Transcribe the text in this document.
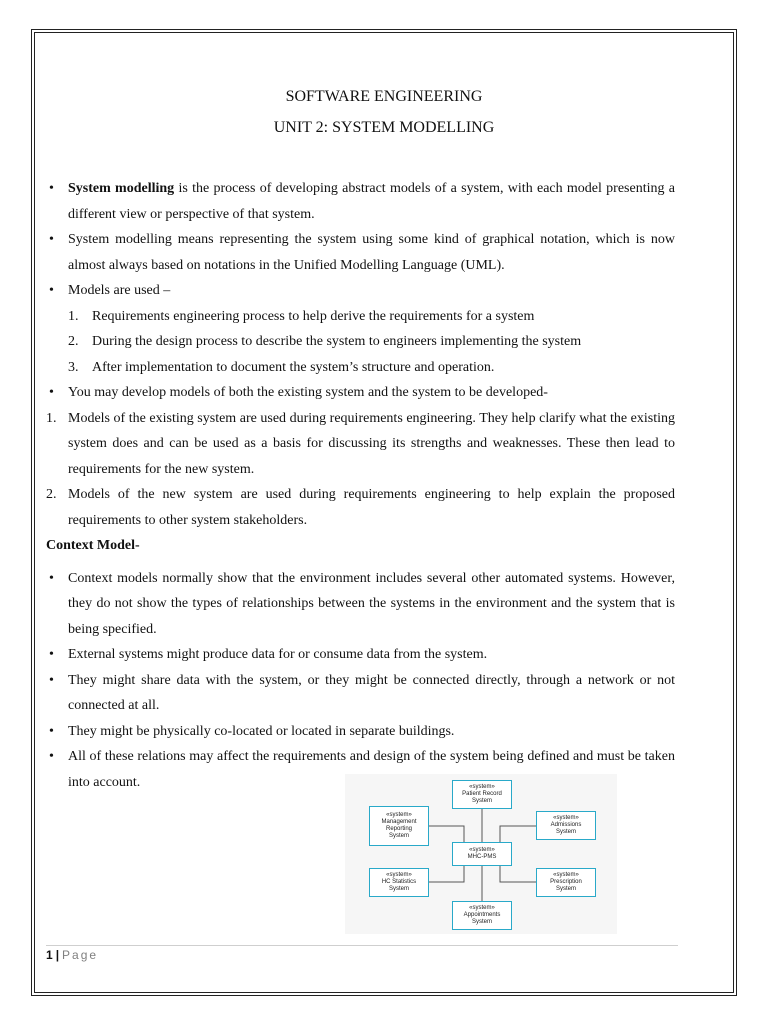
SOFTWARE ENGINEERING
UNIT 2: SYSTEM MODELLING

• System modelling is the process of developing abstract models of a system, with each model presenting a different view or perspective of that system.

• System modelling means representing the system using some kind of graphical notation, which is now almost always based on notations in the Unified Modelling Language (UML).

• Models are used –

1. Requirements engineering process to help derive the requirements for a system

2. During the design process to describe the system to engineers implementing the system

3. After implementation to document the system’s structure and operation.

• You may develop models of both the existing system and the system to be developed-

1. Models of the existing system are used during requirements engineering. They help clarify what the existing system does and can be used as a basis for discussing its strengths and weaknesses. These then lead to requirements for the new system.

2. Models of the new system are used during requirements engineering to help explain the proposed requirements to other system stakeholders.

Context Model-

• Context models normally show that the environment includes several other automated systems. However, they do not show the types of relationships between the systems in the environment and the system that is being specified.

• External systems might produce data for or consume data from the system.

• They might share data with the system, or they might be connected directly, through a network or not connected at all.

• They might be physically co-located or located in separate buildings.

• All of these relations may affect the requirements and design of the system being defined and must be taken into account.	«system»
Patient Record
System
«system»
Management
Reporting
System
«system»
Admissions
System
«system»
MHC-PMS
«system»
HC Statistics
System
«system»
Prescription
System
«system»
Appointments
System
1 | Page
